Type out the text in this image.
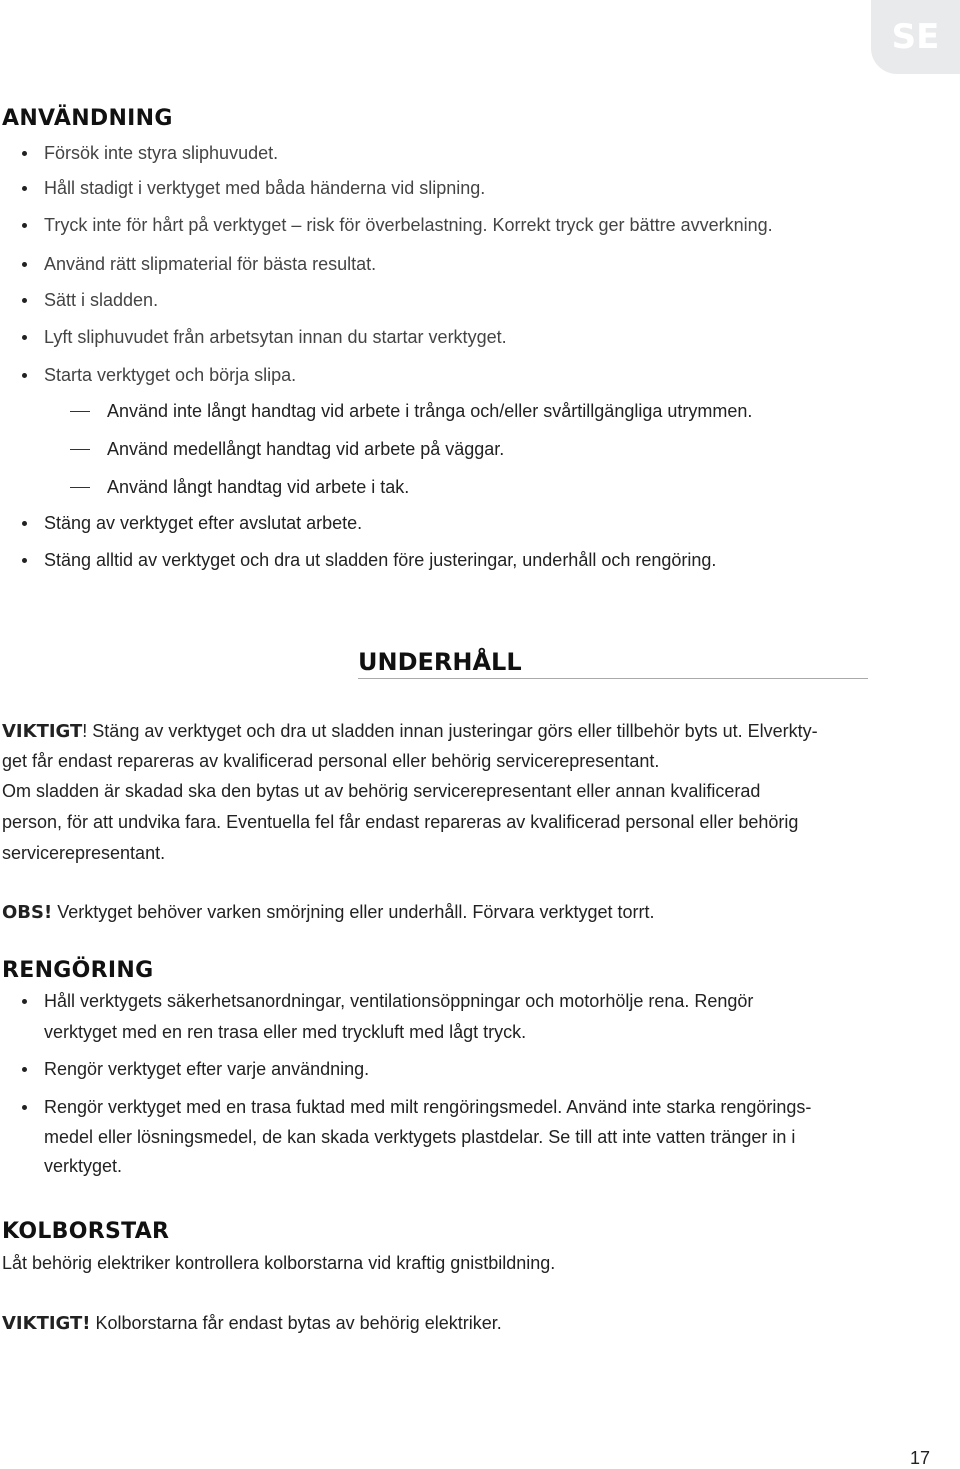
SE
ANVÄNDNING
Försök inte styra sliphuvudet.
Håll stadigt i verktyget med båda händerna vid slipning.
Tryck inte för hårt på verktyget – risk för överbelastning. Korrekt tryck ger bättre avverkning.
Använd rätt slipmaterial för bästa resultat.
Sätt i sladden.
Lyft sliphuvudet från arbetsytan innan du startar verktyget.
Starta verktyget och börja slipa.
Använd inte långt handtag vid arbete i trånga och/eller svårtillgängliga utrymmen.
Använd medellångt handtag vid arbete på väggar.
Använd långt handtag vid arbete i tak.
Stäng av verktyget efter avslutat arbete.
Stäng alltid av verktyget och dra ut sladden före justeringar, underhåll och rengöring.
UNDERHÅLL
VIKTIGT! Stäng av verktyget och dra ut sladden innan justeringar görs eller tillbehör byts ut. Elverkty-
get får endast repareras av kvalificerad personal eller behörig servicerepresentant.
Om sladden är skadad ska den bytas ut av behörig servicerepresentant eller annan kvalificerad
person, för att undvika fara. Eventuella fel får endast repareras av kvalificerad personal eller behörig
servicerepresentant.
OBS! Verktyget behöver varken smörjning eller underhåll. Förvara verktyget torrt.
RENGÖRING
Håll verktygets säkerhetsanordningar, ventilationsöppningar och motorhölje rena. Rengör
verktyget med en ren trasa eller med tryckluft med lågt tryck.
Rengör verktyget efter varje användning.
Rengör verktyget med en trasa fuktad med milt rengöringsmedel. Använd inte starka rengörings-
medel eller lösningsmedel, de kan skada verktygets plastdelar. Se till att inte vatten tränger in i
verktyget.
KOLBORSTAR
Låt behörig elektriker kontrollera kolborstarna vid kraftig gnistbildning.
VIKTIGT! Kolborstarna får endast bytas av behörig elektriker.
17
